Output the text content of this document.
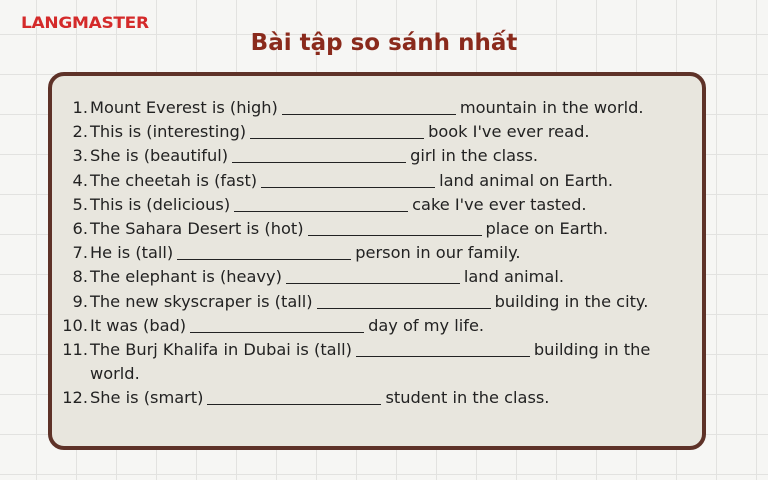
LANGMASTER
Bài tập so sánh nhất
1. Mount Everest is (high)	mountain in the world.
2. This is (interesting)	book I've ever read.
3. She is (beautiful)	girl in the class.
4. The cheetah is (fast)	land animal on Earth.
5. This is (delicious)	cake I've ever tasted.
6. The Sahara Desert is (hot)	place on Earth.
7. He is (tall)	person in our family.
8. The elephant is (heavy)	land animal.
9. The new skyscraper is (tall)	building in the city.
10. It was (bad)	day of my life.
11. The Burj Khalifa in Dubai is (tall)	building in the world.
12. She is (smart)	student in the class.
